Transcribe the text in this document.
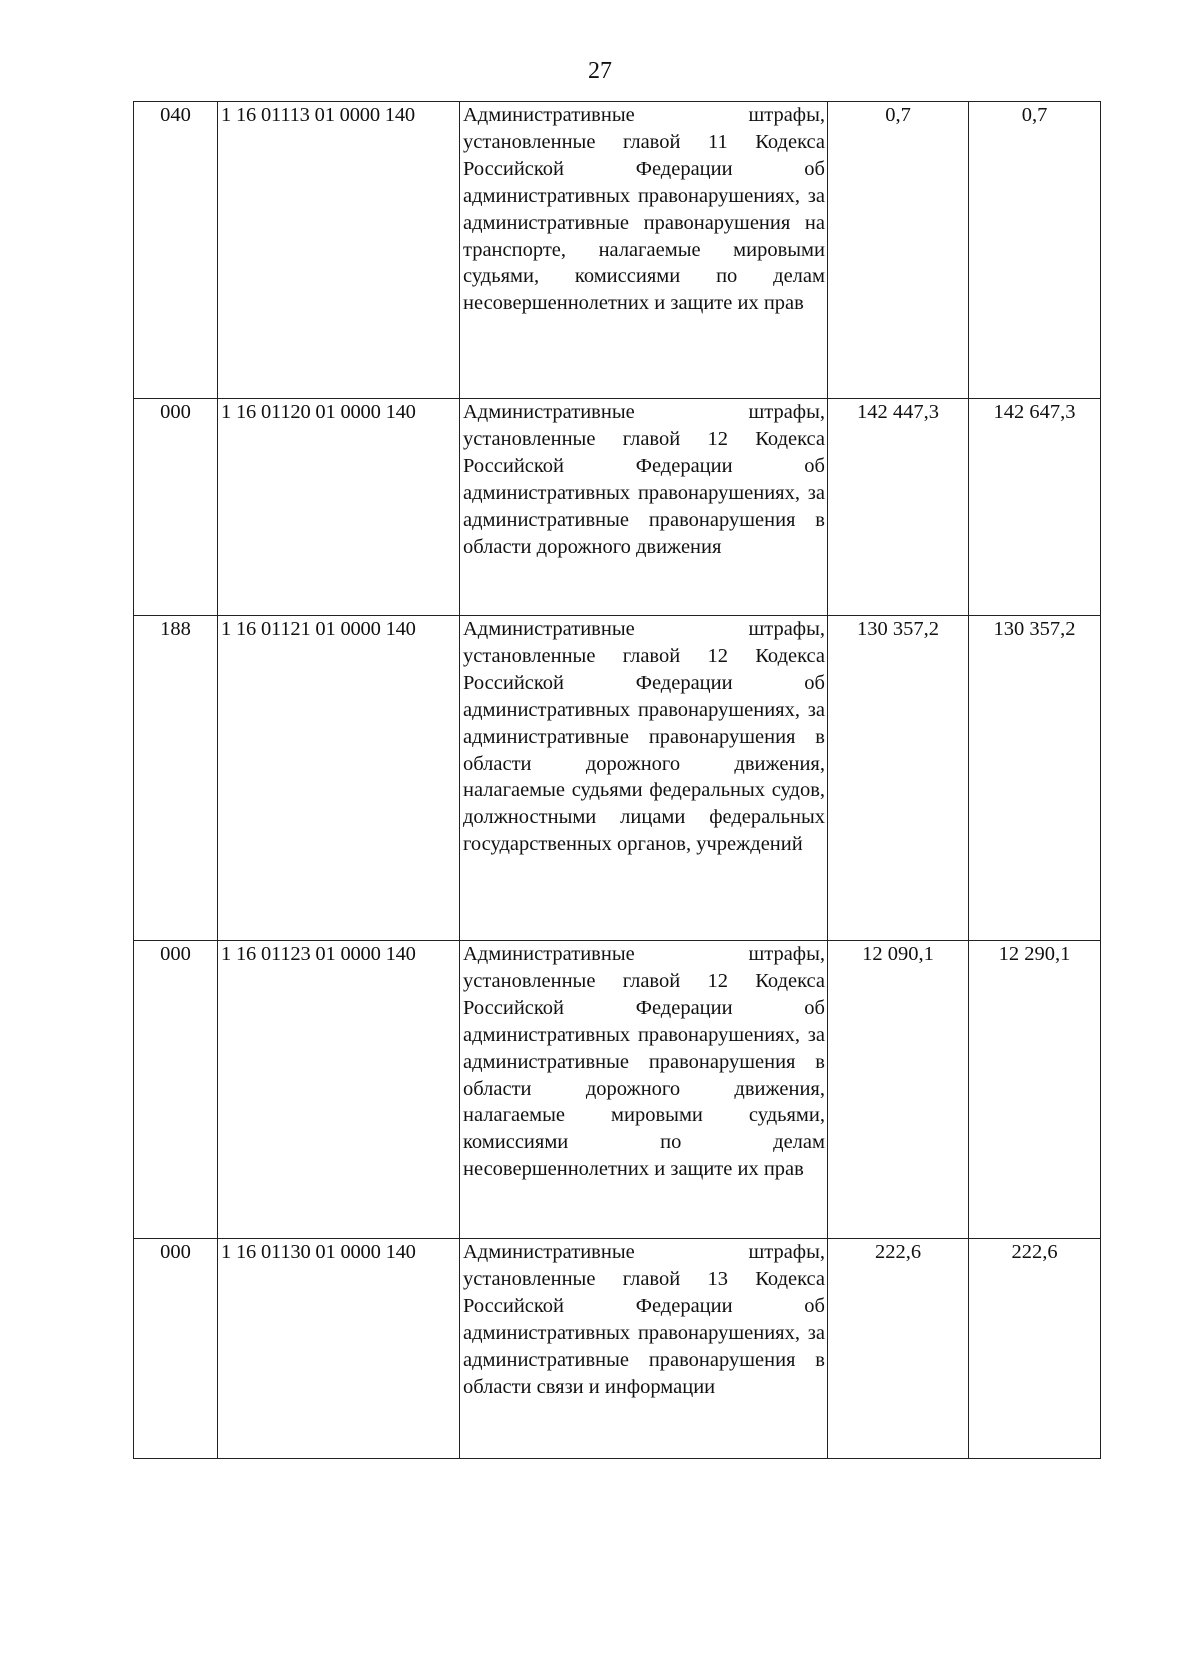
27
040	1 16 01113 01 0000 140	Административные штрафы, установленные главой 11 Кодекса Российской Федерации об административных правонарушениях, за административные правонарушения на транспорте, налагаемые мировыми судьями, комиссиями по делам несовершеннолетних и защите их прав	0,7	0,7
000	1 16 01120 01 0000 140	Административные штрафы, установленные главой 12 Кодекса Российской Федерации об административных правонарушениях, за административные правонарушения в области дорожного движения	142 447,3	142 647,3
188	1 16 01121 01 0000 140	Административные штрафы, установленные главой 12 Кодекса Российской Федерации об административных правонарушениях, за административные правонарушения в области дорожного движения, налагаемые судьями федеральных судов, должностными лицами федеральных государственных органов, учреждений	130 357,2	130 357,2
000	1 16 01123 01 0000 140	Административные штрафы, установленные главой 12 Кодекса Российской Федерации об административных правонарушениях, за административные правонарушения в области дорожного движения, налагаемые мировыми судьями, комиссиями по делам несовершеннолетних и защите их прав	12 090,1	12 290,1
000	1 16 01130 01 0000 140	Административные штрафы, установленные главой 13 Кодекса Российской Федерации об административных правонарушениях, за административные правонарушения в области связи и информации	222,6	222,6
